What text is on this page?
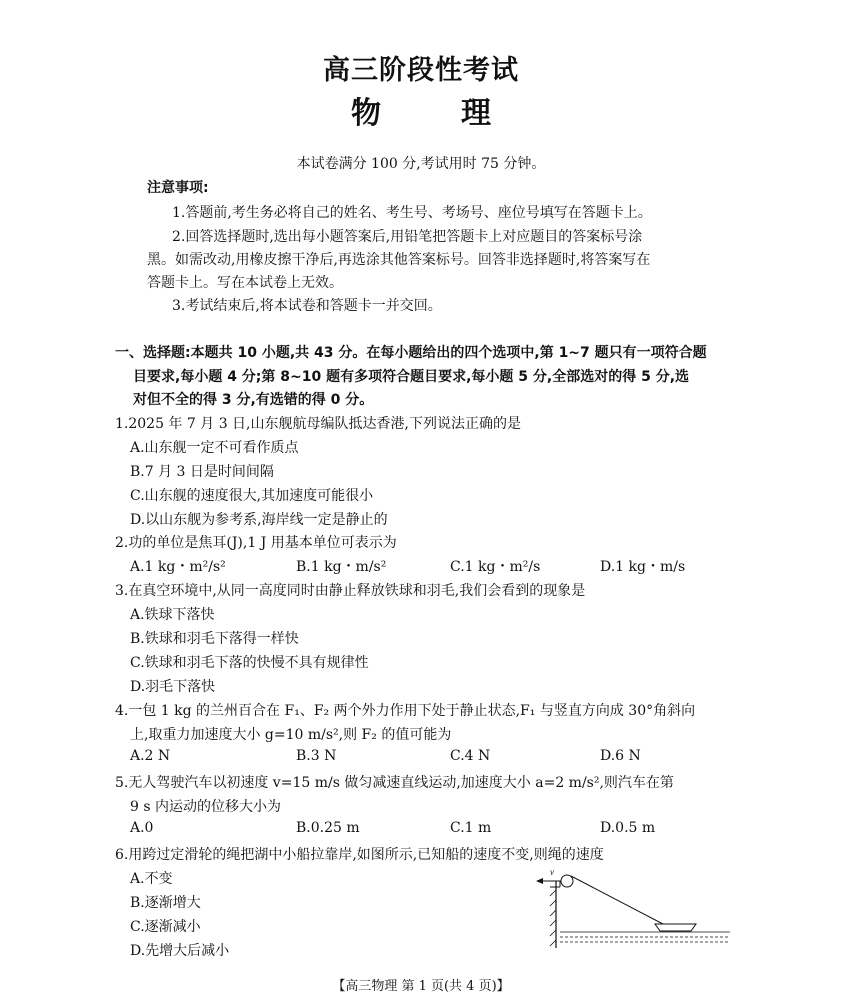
高三阶段性考试
物	理
本试卷满分 100 分,考试用时 75 分钟。
注意事项:
1.答题前,考生务必将自己的姓名、考生号、考场号、座位号填写在答题卡上。
2.回答选择题时,选出每小题答案后,用铅笔把答题卡上对应题目的答案标号涂
黑。如需改动,用橡皮擦干净后,再选涂其他答案标号。回答非选择题时,将答案写在
答题卡上。写在本试卷上无效。
3.考试结束后,将本试卷和答题卡一并交回。
一、选择题:本题共 10 小题,共 43 分。在每小题给出的四个选项中,第 1~7 题只有一项符合题
目要求,每小题 4 分;第 8~10 题有多项符合题目要求,每小题 5 分,全部选对的得 5 分,选
对但不全的得 3 分,有选错的得 0 分。
1.2025 年 7 月 3 日,山东舰航母编队抵达香港,下列说法正确的是
A.山东舰一定不可看作质点
B.7 月 3 日是时间间隔
C.山东舰的速度很大,其加速度可能很小
D.以山东舰为参考系,海岸线一定是静止的
2.功的单位是焦耳(J),1 J 用基本单位可表示为
A.1 kg・m²/s²	B.1 kg・m/s²	C.1 kg・m²/s	D.1 kg・m/s
3.在真空环境中,从同一高度同时由静止释放铁球和羽毛,我们会看到的现象是
A.铁球下落快
B.铁球和羽毛下落得一样快
C.铁球和羽毛下落的快慢不具有规律性
D.羽毛下落快
4.一包 1 kg 的兰州百合在 F₁、F₂ 两个外力作用下处于静止状态,F₁ 与竖直方向成 30°角斜向
上,取重力加速度大小 g=10 m/s²,则 F₂ 的值可能为
A.2 N	B.3 N	C.4 N	D.6 N
5.无人驾驶汽车以初速度 v=15 m/s 做匀减速直线运动,加速度大小 a=2 m/s²,则汽车在第
9 s 内运动的位移大小为
A.0	B.0.25 m	C.1 m	D.0.5 m
6.用跨过定滑轮的绳把湖中小船拉靠岸,如图所示,已知船的速度不变,则绳的速度
A.不变
B.逐渐增大
C.逐渐减小
D.先增大后减小
v
【高三物理 第 1 页(共 4 页)】
